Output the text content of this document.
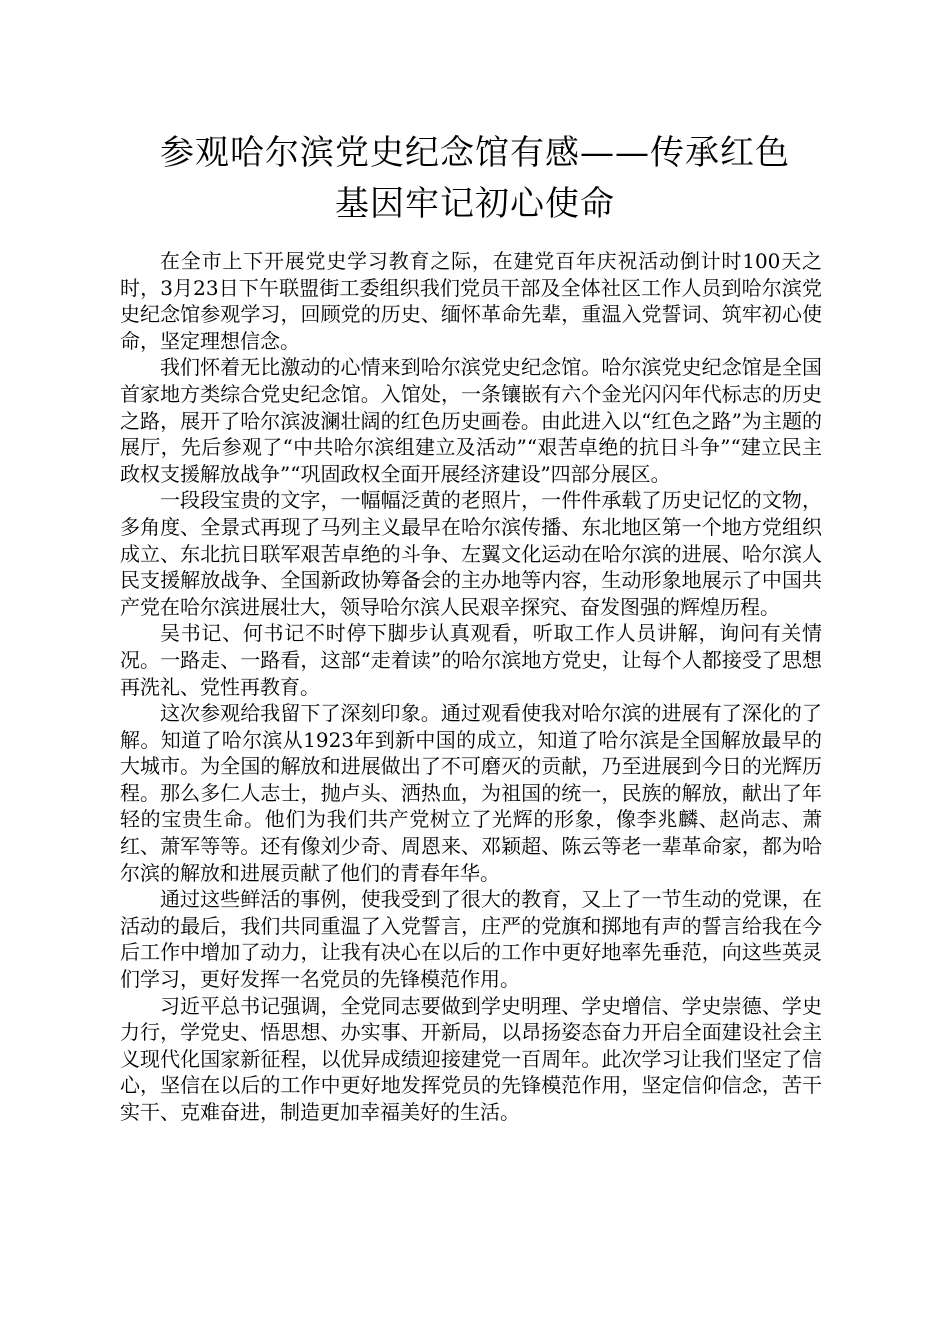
参观哈尔滨党史纪念馆有感——传承红色
基因牢记初心使命

在全市上下开展党史学习教育之际，在建党百年庆祝活动倒计时100天之时，3月23日下午联盟街工委组织我们党员干部及全体社区工作人员到哈尔滨党史纪念馆参观学习，回顾党的历史、缅怀革命先辈，重温入党誓词、筑牢初心使命，坚定理想信念。

我们怀着无比激动的心情来到哈尔滨党史纪念馆。哈尔滨党史纪念馆是全国首家地方类综合党史纪念馆。入馆处，一条镶嵌有六个金光闪闪年代标志的历史之路，展开了哈尔滨波澜壮阔的红色历史画卷。由此进入以“红色之路”为主题的展厅，先后参观了“中共哈尔滨组建立及活动”“艰苦卓绝的抗日斗争”“建立民主政权支援解放战争”“巩固政权全面开展经济建设”四部分展区。

一段段宝贵的文字，一幅幅泛黄的老照片，一件件承载了历史记忆的文物，多角度、全景式再现了马列主义最早在哈尔滨传播、东北地区第一个地方党组织成立、东北抗日联军艰苦卓绝的斗争、左翼文化运动在哈尔滨的进展、哈尔滨人民支援解放战争、全国新政协筹备会的主办地等内容，生动形象地展示了中国共产党在哈尔滨进展壮大，领导哈尔滨人民艰辛探究、奋发图强的辉煌历程。

吴书记、何书记不时停下脚步认真观看，听取工作人员讲解，询问有关情况。一路走、一路看，这部“走着读”的哈尔滨地方党史，让每个人都接受了思想再洗礼、党性再教育。

这次参观给我留下了深刻印象。通过观看使我对哈尔滨的进展有了深化的了解。知道了哈尔滨从1923年到新中国的成立，知道了哈尔滨是全国解放最早的大城市。为全国的解放和进展做出了不可磨灭的贡献，乃至进展到今日的光辉历程。那么多仁人志士，抛卢头、洒热血，为祖国的统一，民族的解放，献出了年轻的宝贵生命。他们为我们共产党树立了光辉的形象，像李兆麟、赵尚志、萧红、萧军等等。还有像刘少奇、周恩来、邓颖超、陈云等老一辈革命家，都为哈尔滨的解放和进展贡献了他们的青春年华。

通过这些鲜活的事例，使我受到了很大的教育，又上了一节生动的党课，在活动的最后，我们共同重温了入党誓言，庄严的党旗和掷地有声的誓言给我在今后工作中增加了动力，让我有决心在以后的工作中更好地率先垂范，向这些英灵们学习，更好发挥一名党员的先锋模范作用。

习近平总书记强调，全党同志要做到学史明理、学史增信、学史崇德、学史力行，学党史、悟思想、办实事、开新局，以昂扬姿态奋力开启全面建设社会主义现代化国家新征程，以优异成绩迎接建党一百周年。此次学习让我们坚定了信心，坚信在以后的工作中更好地发挥党员的先锋模范作用，坚定信仰信念，苦干实干、克难奋进，制造更加幸福美好的生活。
